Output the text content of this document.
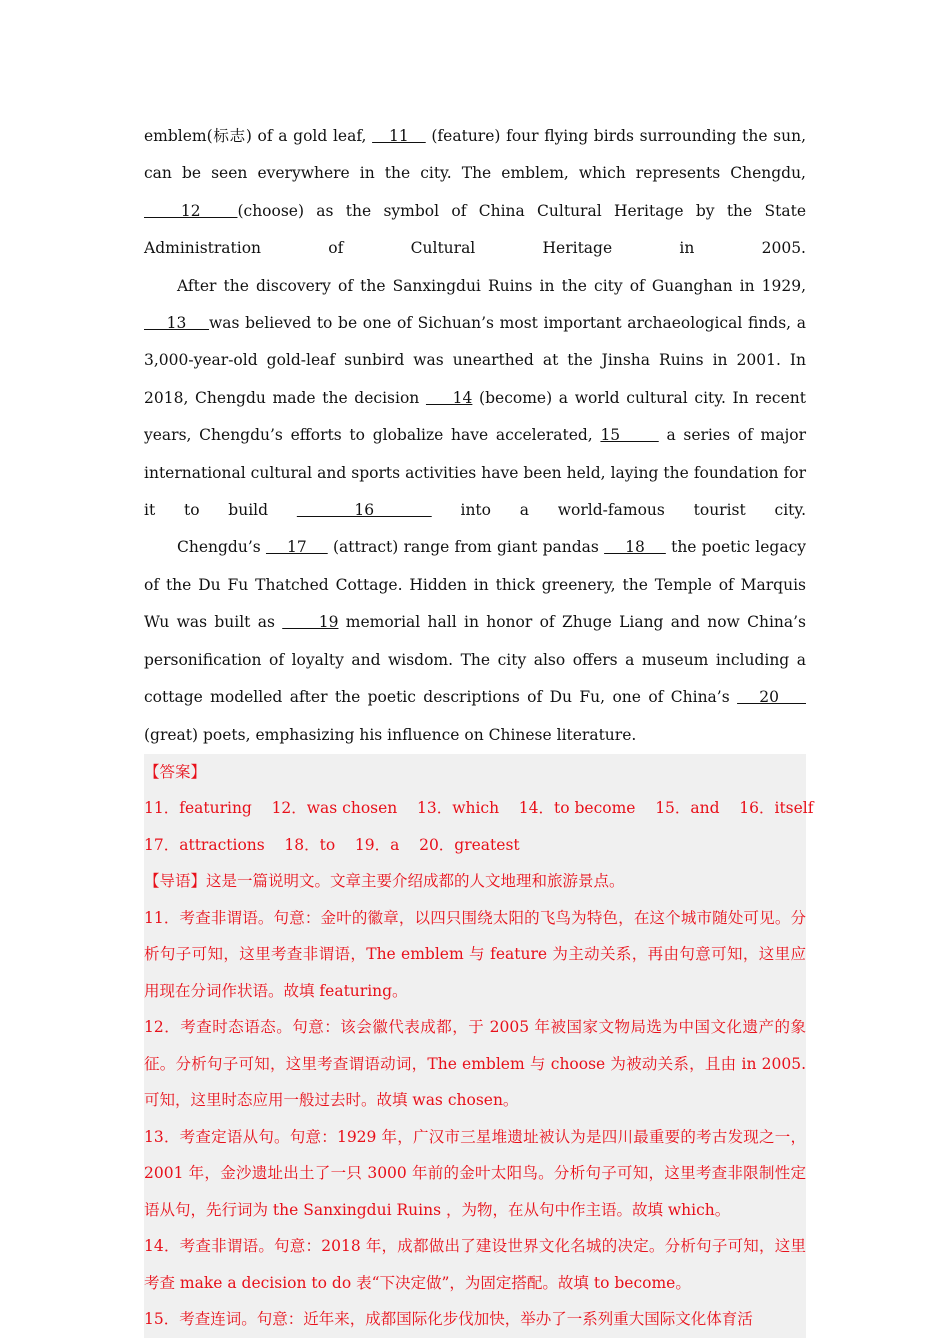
emblem(标志) of a gold leaf,    11    (feature) four flying birds surrounding the sun, can be seen everywhere in the city. The emblem, which represents Chengdu,   12   (choose) as the symbol of China Cultural Heritage by the State Administration of Cultural Heritage in 2005.

After the discovery of the Sanxingdui Ruins in the city of Guanghan in 1929,    13    was believed to be one of Sichuan’s most important archaeological finds, a 3,000-year-old gold-leaf sunbird was unearthed at the Jinsha Ruins in 2001. In 2018, Chengdu made the decision     14 (become) a world cultural city. In recent years, Chengdu’s efforts to globalize have accelerated, 15      a series of major international cultural and sports activities have been held, laying the foundation for it to build   16   into a world-famous tourist city.

Chengdu’s     17     (attract) range from giant pandas     18     the poetic legacy of the Du Fu Thatched Cottage. Hidden in thick greenery, the Temple of Marquis Wu was built as      19 memorial hall in honor of Zhuge Liang and now China’s personification of loyalty and wisdom. The city also offers a museum including a cottage modelled after the poetic descriptions of Du Fu, one of China’s    20     (great) poets, emphasizing his influence on Chinese literature.

【答案】

11．featuring    12．was chosen    13．which    14．to become    15．and    16．itself

17．attractions    18．to    19．a    20．greatest

【导语】这是一篇说明文。文章主要介绍成都的人文地理和旅游景点。

11．考查非谓语。句意：金叶的徽章，以四只围绕太阳的飞鸟为特色，在这个城市随处可见。分析句子可知，这里考查非谓语，The emblem 与 feature 为主动关系，再由句意可知，这里应用现在分词作状语。故填 featuring。

12．考查时态语态。句意：该会徽代表成都，于 2005 年被国家文物局选为中国文化遗产的象征。分析句子可知，这里考查谓语动词，The emblem 与 choose 为被动关系，且由 in 2005.可知，这里时态应用一般过去时。故填 was chosen。

13．考查定语从句。句意：1929 年，广汉市三星堆遗址被认为是四川最重要的考古发现之一，2001 年，金沙遗址出土了一只 3000 年前的金叶太阳鸟。分析句子可知，这里考查非限制性定语从句，先行词为 the Sanxingdui Ruins ，为物，在从句中作主语。故填 which。

14．考查非谓语。句意：2018 年，成都做出了建设世界文化名城的决定。分析句子可知，这里考查 make a decision to do 表“下决定做”，为固定搭配。故填 to become。

15．考查连词。句意：近年来，成都国际化步伐加快，举办了一系列重大国际文化体育活
